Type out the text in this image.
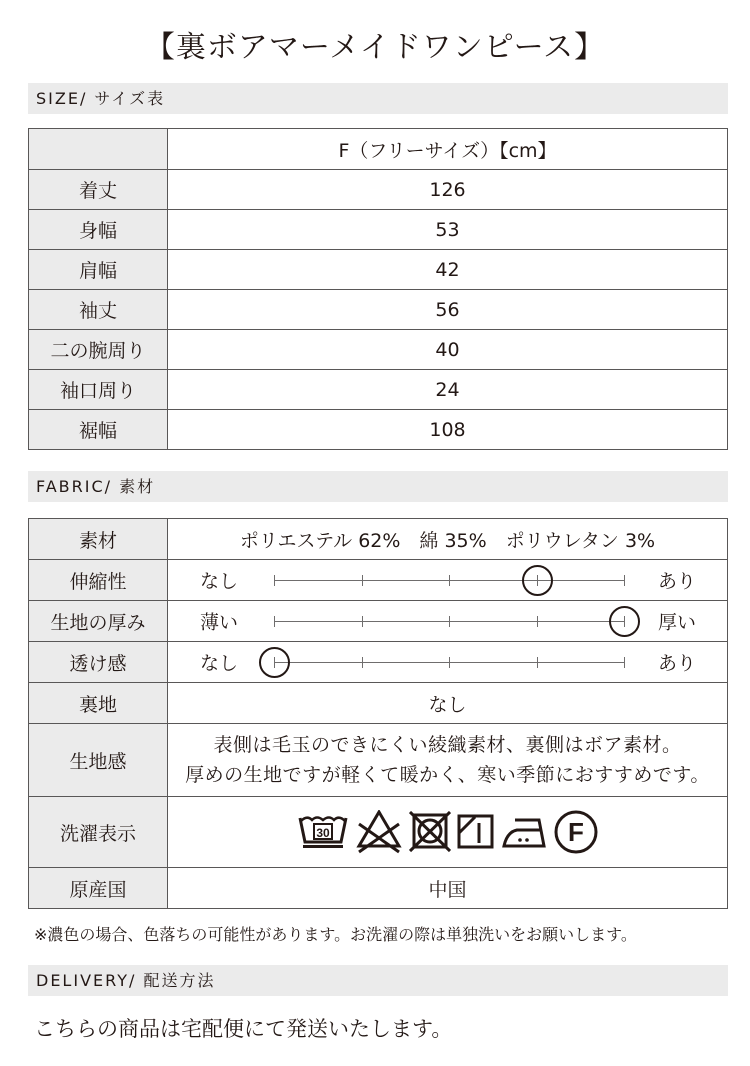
【裏ボアマーメイドワンピース】
SIZE/ サイズ表
	F（フリーサイズ）【cm】
着丈	126
身幅	53
肩幅	42
袖丈	56
二の腕周り	40
袖口周り	24
裾幅	108
FABRIC/ 素材
素材	ポリエステル 62%　綿 35%　ポリウレタン 3%
伸縮性	なし あり

生地の厚み	薄い 厚い

透け感	なし あり

裏地	なし
生地感	表側は毛玉のできにくい綾織素材、裏側はボア素材。
厚めの生地ですが軽くて暖かく、寒い季節におすすめです。

洗濯表示	30 F

原産国	中国
※濃色の場合、色落ちの可能性があります。お洗濯の際は単独洗いをお願いします。
DELIVERY/ 配送方法
こちらの商品は宅配便にて発送いたします。
